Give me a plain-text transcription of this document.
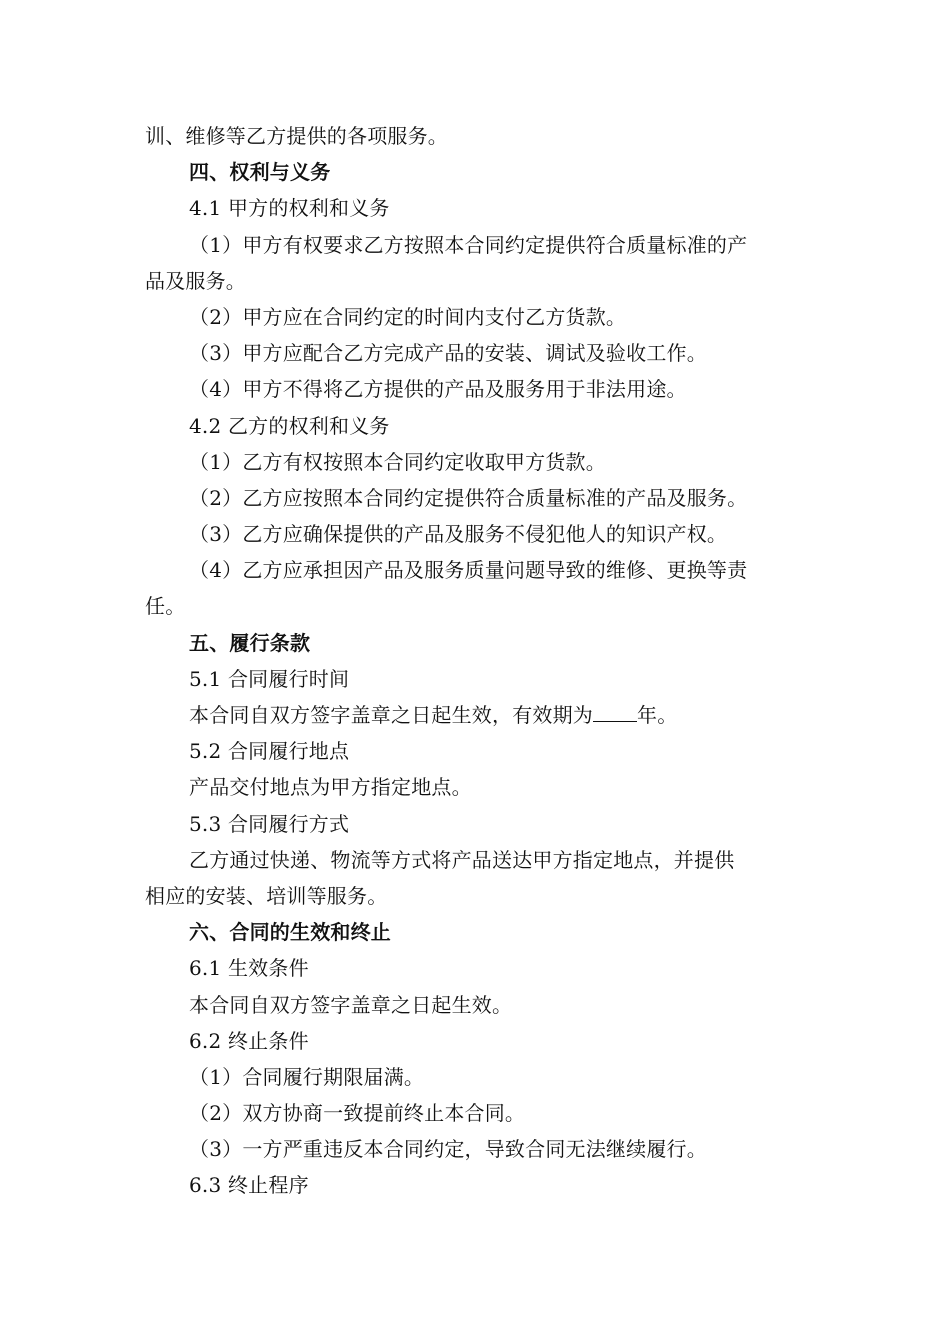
训、维修等乙方提供的各项服务。
四、权利与义务
4.1 甲方的权利和义务
（1）甲方有权要求乙方按照本合同约定提供符合质量标准的产
品及服务。
（2）甲方应在合同约定的时间内支付乙方货款。
（3）甲方应配合乙方完成产品的安装、调试及验收工作。
（4）甲方不得将乙方提供的产品及服务用于非法用途。
4.2 乙方的权利和义务
（1）乙方有权按照本合同约定收取甲方货款。
（2）乙方应按照本合同约定提供符合质量标准的产品及服务。
（3）乙方应确保提供的产品及服务不侵犯他人的知识产权。
（4）乙方应承担因产品及服务质量问题导致的维修、更换等责
任。
五、履行条款
5.1 合同履行时间
本合同自双方签字盖章之日起生效，有效期为 年。
5.2 合同履行地点
产品交付地点为甲方指定地点。
5.3 合同履行方式
乙方通过快递、物流等方式将产品送达甲方指定地点，并提供
相应的安装、培训等服务。
六、合同的生效和终止
6.1 生效条件
本合同自双方签字盖章之日起生效。
6.2 终止条件
（1）合同履行期限届满。
（2）双方协商一致提前终止本合同。
（3）一方严重违反本合同约定，导致合同无法继续履行。
6.3 终止程序
